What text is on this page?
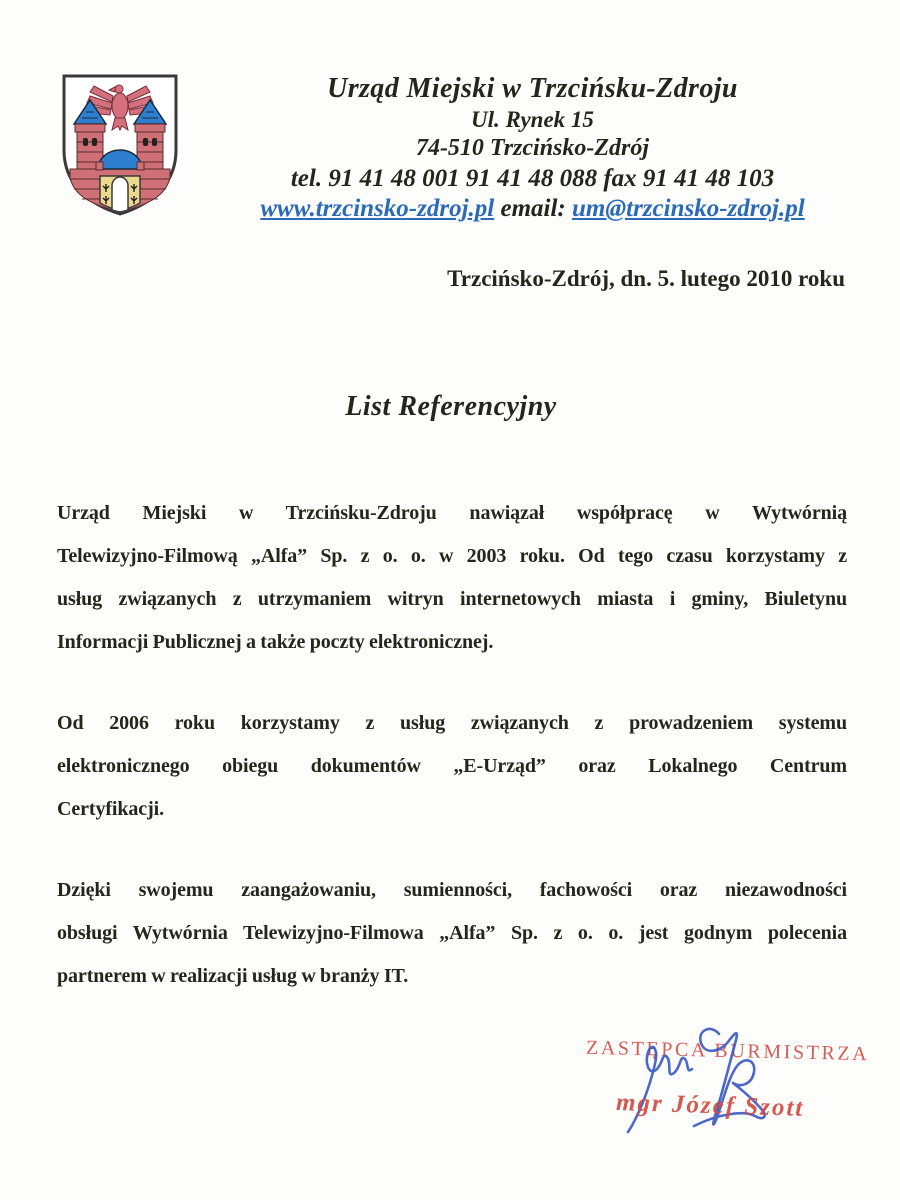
Urząd Miejski w Trzcińsku-Zdroju
Ul. Rynek 15
74-510 Trzcińsko-Zdrój
tel. 91 41 48 001 91 41 48 088 fax 91 41 48 103
www.trzcinsko-zdroj.pl email: um@trzcinsko-zdroj.pl
Trzcińsko-Zdrój, dn. 5. lutego 2010 roku
List Referencyjny
Urząd Miejski w Trzcińsku-Zdroju nawiązał współpracę w Wytwórnią
Telewizyjno-Filmową „Alfa” Sp. z o. o. w 2003 roku. Od tego czasu korzystamy z
usług związanych z utrzymaniem witryn internetowych miasta i gminy, Biuletynu
Informacji Publicznej a także poczty elektronicznej.
Od 2006 roku korzystamy z usług związanych z prowadzeniem systemu
elektronicznego obiegu dokumentów „E-Urząd” oraz Lokalnego Centrum
Certyfikacji.
Dzięki swojemu zaangażowaniu, sumienności, fachowości oraz niezawodności
obsługi Wytwórnia Telewizyjno-Filmowa „Alfa” Sp. z o. o. jest godnym polecenia
partnerem w realizacji usług w branży IT.
ZASTĘPCA BURMISTRZA
mgr Józef Szott
